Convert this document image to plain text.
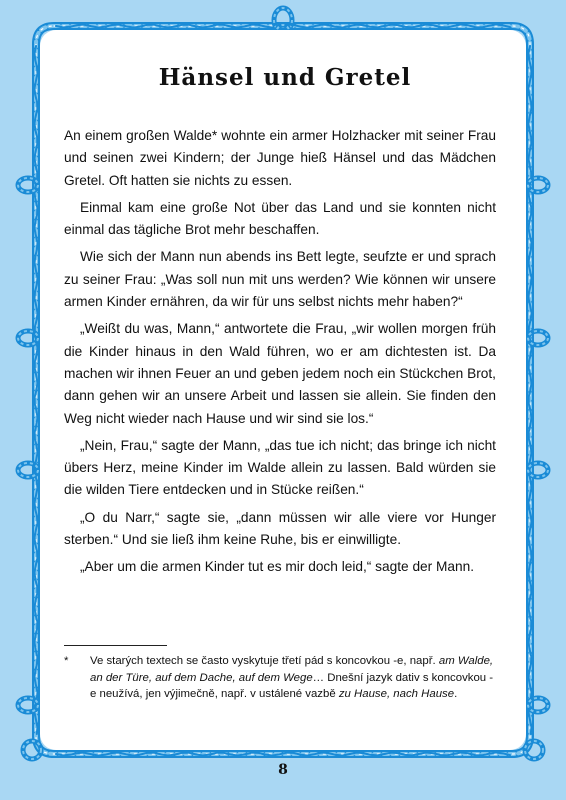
Hänsel und Gretel

An einem großen Walde* wohnte ein armer Holzhacker mit seiner Frau und seinen zwei Kindern; der Junge hieß Hänsel und das Mädchen Gretel. Oft hatten sie nichts zu essen.

Einmal kam eine große Not über das Land und sie konnten nicht einmal das tägliche Brot mehr beschaffen.

Wie sich der Mann nun abends ins Bett legte, seufzte er und sprach zu seiner Frau: „Was soll nun mit uns werden? Wie können wir unsere armen Kinder ernähren, da wir für uns selbst nichts mehr haben?“

„Weißt du was, Mann,“ antwortete die Frau, „wir wollen morgen früh die Kinder hinaus in den Wald führen, wo er am dichtesten ist. Da machen wir ihnen Feuer an und geben jedem noch ein Stückchen Brot, dann gehen wir an unsere Arbeit und lassen sie allein. Sie finden den Weg nicht wieder nach Hause und wir sind sie los.“

„Nein, Frau,“ sagte der Mann, „das tue ich nicht; das bringe ich nicht übers Herz, meine Kinder im Walde allein zu lassen. Bald würden sie die wilden Tiere entdecken und in Stücke reißen.“

„O du Narr,“ sagte sie, „dann müssen wir alle viere vor Hunger sterben.“ Und sie ließ ihm keine Ruhe, bis er einwilligte.

„Aber um die armen Kinder tut es mir doch leid,“ sagte der Mann.

*	Ve starých textech se často vyskytuje třetí pád s koncovkou -e, např. am Walde, an der Türe, auf dem Dache, auf dem Wege… Dnešní jazyk dativ s koncovkou -e neužívá, jen výjimečně, např. v ustálené vazbě zu Hause, nach Hause.
8
